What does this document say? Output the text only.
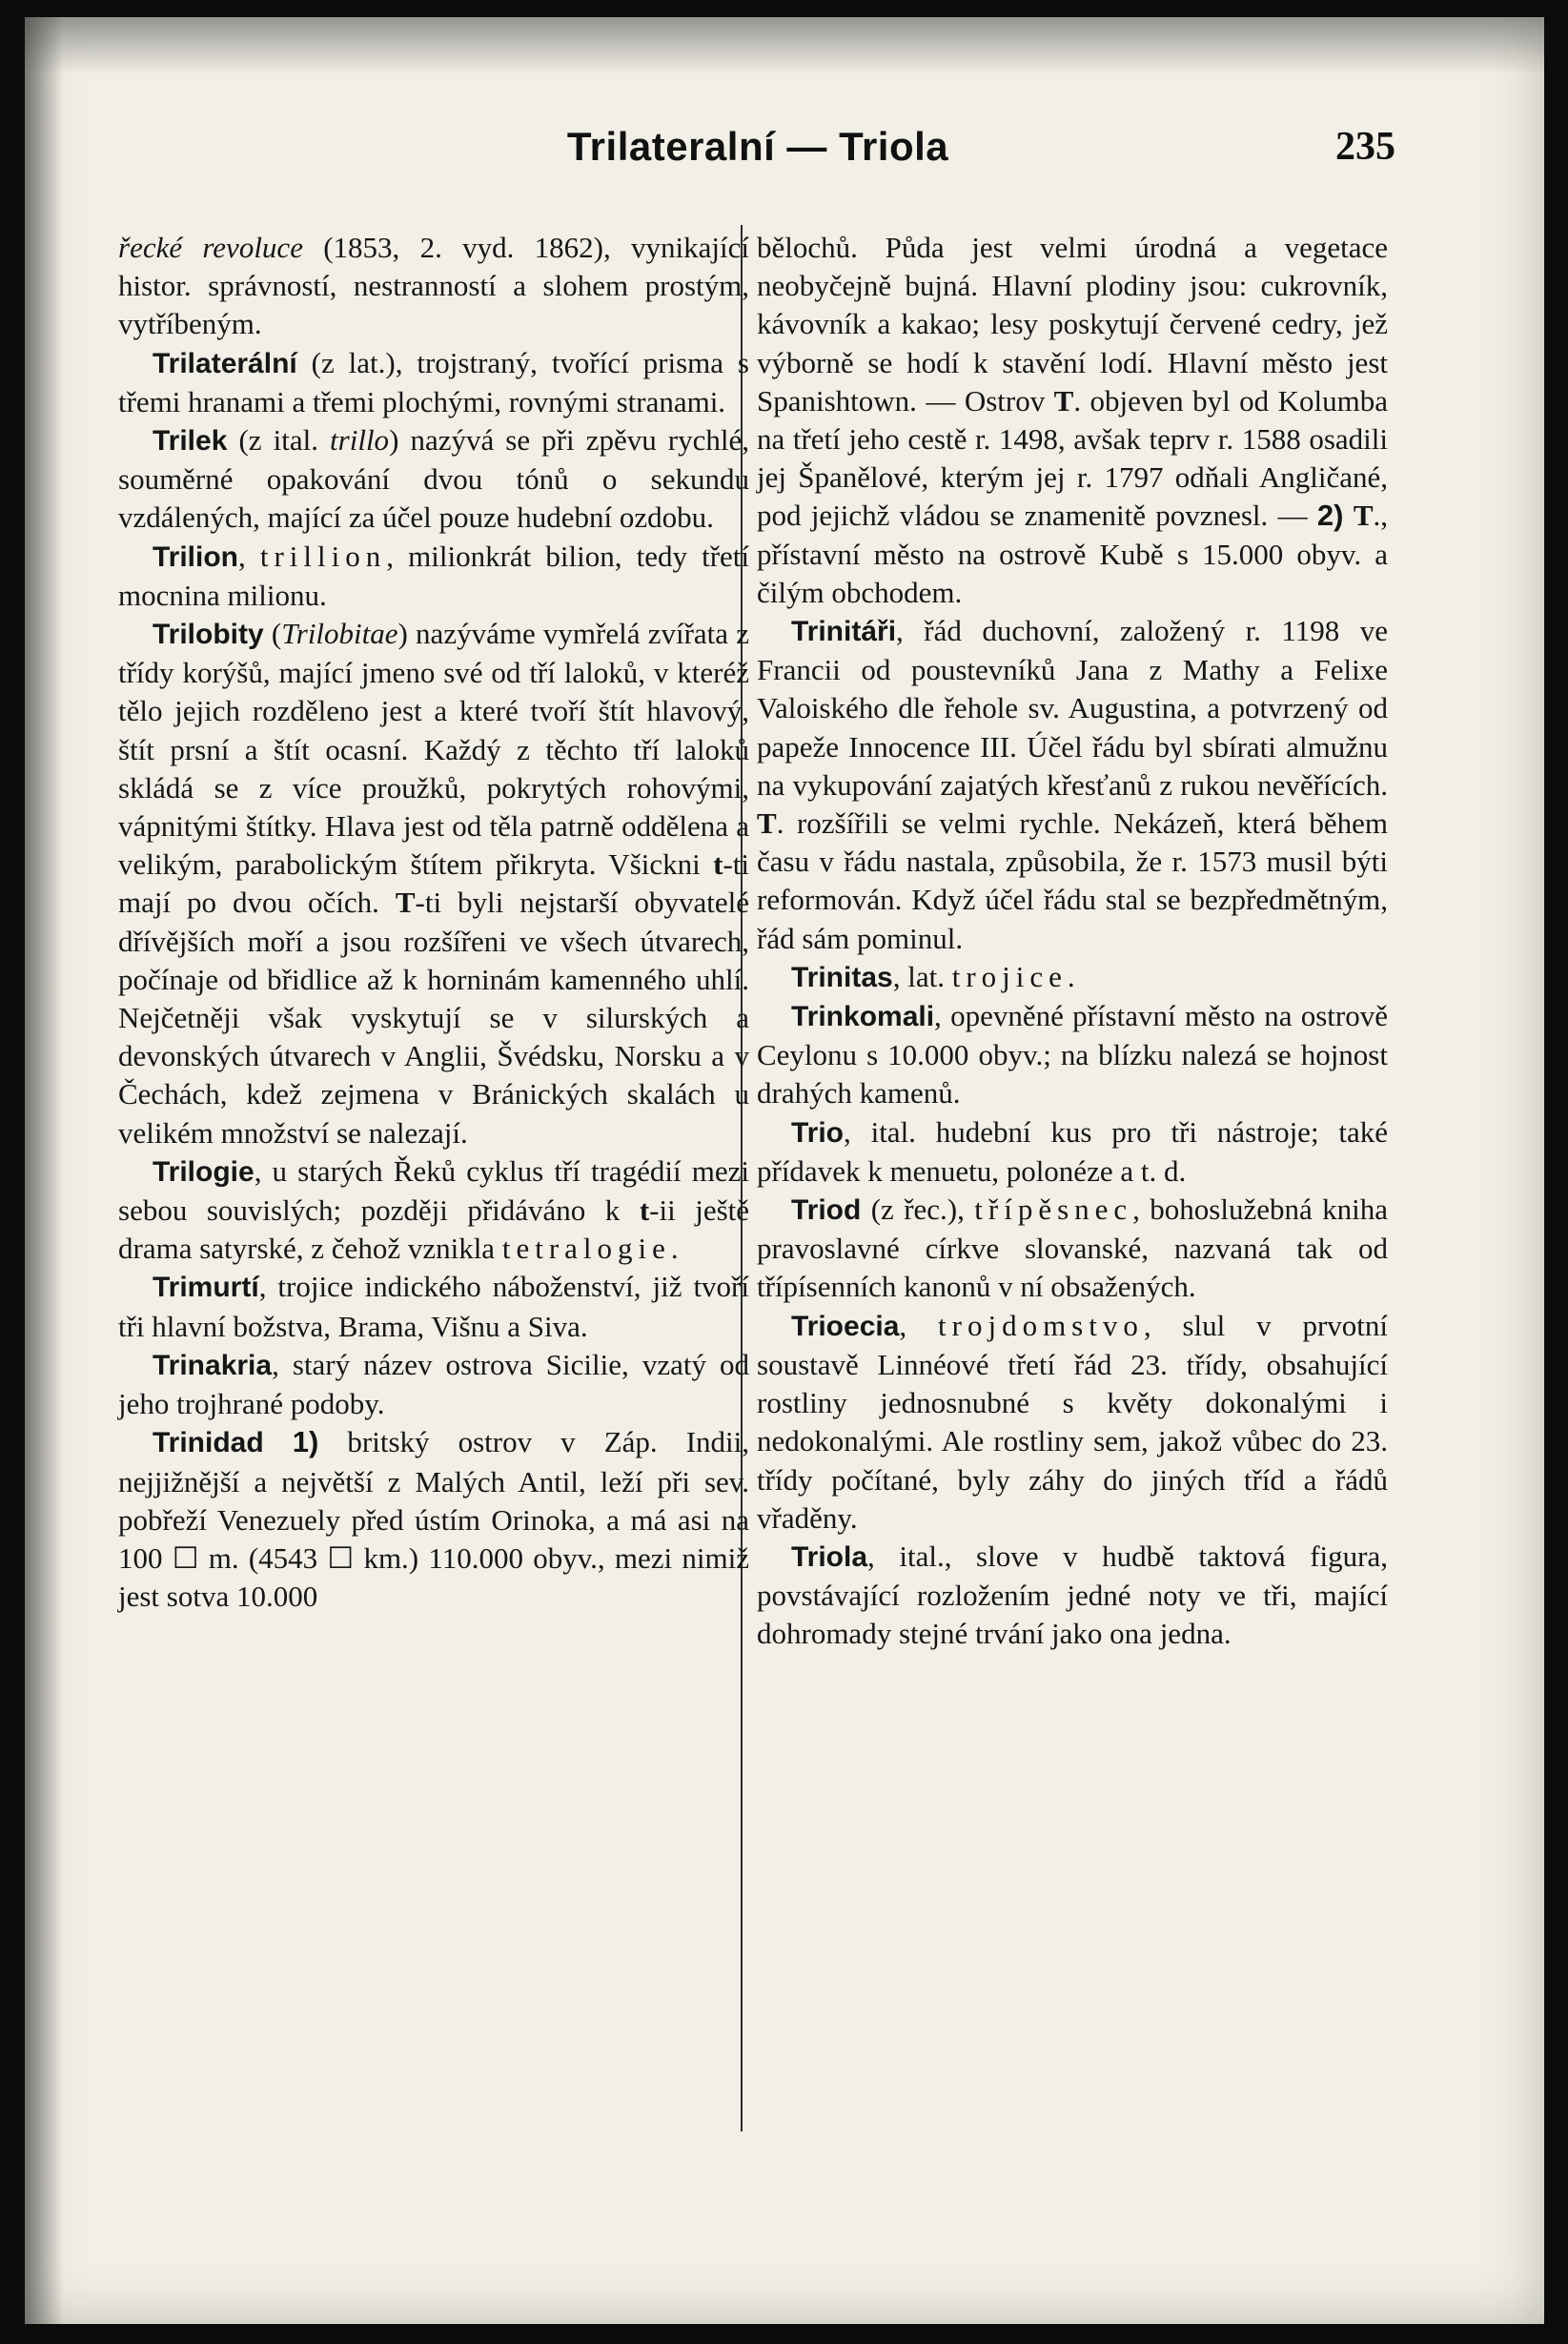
Trilateralní — Triola	235

řecké revoluce (1853, 2. vyd. 1862), vynikající histor. správností, nestranností a slohem prostým, vytříbeným.

Trilaterální (z lat.), trojstraný, tvořící prisma s třemi hranami a třemi plochými, rovnými stranami.

Trilek (z ital. trillo) nazývá se při zpěvu rychlé, souměrné opakování dvou tónů o sekundu vzdálených, mající za účel pouze hudební ozdobu.

Trilion, trillion, milionkrát bilion, tedy třetí mocnina milionu.

Trilobity (Trilobitae) nazýváme vymřelá zvířata z třídy korýšů, mající jmeno své od tří laloků, v kteréž tělo jejich rozděleno jest a které tvoří štít hlavový, štít prsní a štít ocasní. Každý z těchto tří laloků skládá se z více proužků, pokrytých rohovými, vápnitými štítky. Hlava jest od těla patrně oddělena a velikým, parabolickým štítem přikryta. Všickni t-ti mají po dvou očích. T-ti byli nejstarší obyvatelé dřívějších moří a jsou rozšířeni ve všech útvarech, počínaje od břidlice až k horninám kamenného uhlí. Nejčetněji však vyskytují se v silurských a devonských útvarech v Anglii, Švédsku, Norsku a v Čechách, kdež zejmena v Bránických skalách u velikém množství se nalezají.

Trilogie, u starých Řeků cyklus tří tragédií mezi sebou souvislých; později přidáváno k t-ii ještě drama satyrské, z čehož vznikla tetralogie.

Trimurtí, trojice indického náboženství, již tvoří tři hlavní božstva, Brama, Višnu a Siva.

Trinakria, starý název ostrova Sicilie, vzatý od jeho trojhrané podoby.

Trinidad 1) britský ostrov v Záp. Indii, nejjižnější a největší z Malých Antil, leží při sev. pobřeží Venezuely před ústím Orinoka, a má asi na 100 ☐ m. (4543 ☐ km.) 110.000 obyv., mezi nimiž jest sotva 10.000

bělochů. Půda jest velmi úrodná a vegetace neobyčejně bujná. Hlavní plodiny jsou: cukrovník, kávovník a kakao; lesy poskytují červené cedry, jež výborně se hodí k stavění lodí. Hlavní město jest Spanishtown. — Ostrov T. objeven byl od Kolumba na třetí jeho cestě r. 1498, avšak teprv r. 1588 osadili jej Španělové, kterým jej r. 1797 odňali Angličané, pod jejichž vládou se znamenitě povznesl. — 2) T., přístavní město na ostrově Kubě s 15.000 obyv. a čilým obchodem.

Trinitáři, řád duchovní, založený r. 1198 ve Francii od poustevníků Jana z Mathy a Felixe Valoiského dle řehole sv. Augustina, a potvrzený od papeže Innocence III. Účel řádu byl sbírati almužnu na vykupování zajatých křesťanů z rukou nevěřících. T. rozšířili se velmi rychle. Nekázeň, která během času v řádu nastala, způsobila, že r. 1573 musil býti reformován. Když účel řádu stal se bezpředmětným, řád sám pominul.

Trinitas, lat. trojice.

Trinkomali, opevněné přístavní město na ostrově Ceylonu s 10.000 obyv.; na blízku nalezá se hojnost drahých kamenů.

Trio, ital. hudební kus pro tři nástroje; také přídavek k menuetu, polonéze a t. d.

Triod (z řec.), třípěsnec, bohoslužebná kniha pravoslavné církve slovanské, nazvaná tak od třípísenních kanonů v ní obsažených.

Trioecia, trojdomstvo, slul v prvotní soustavě Linnéové třetí řád 23. třídy, obsahující rostliny jednosnubné s květy dokonalými i nedokonalými. Ale rostliny sem, jakož vůbec do 23. třídy počítané, byly záhy do jiných tříd a řádů vřaděny.

Triola, ital., slove v hudbě taktová figura, povstávající rozložením jedné noty ve tři, mající dohromady stejné trvání jako ona jedna.
